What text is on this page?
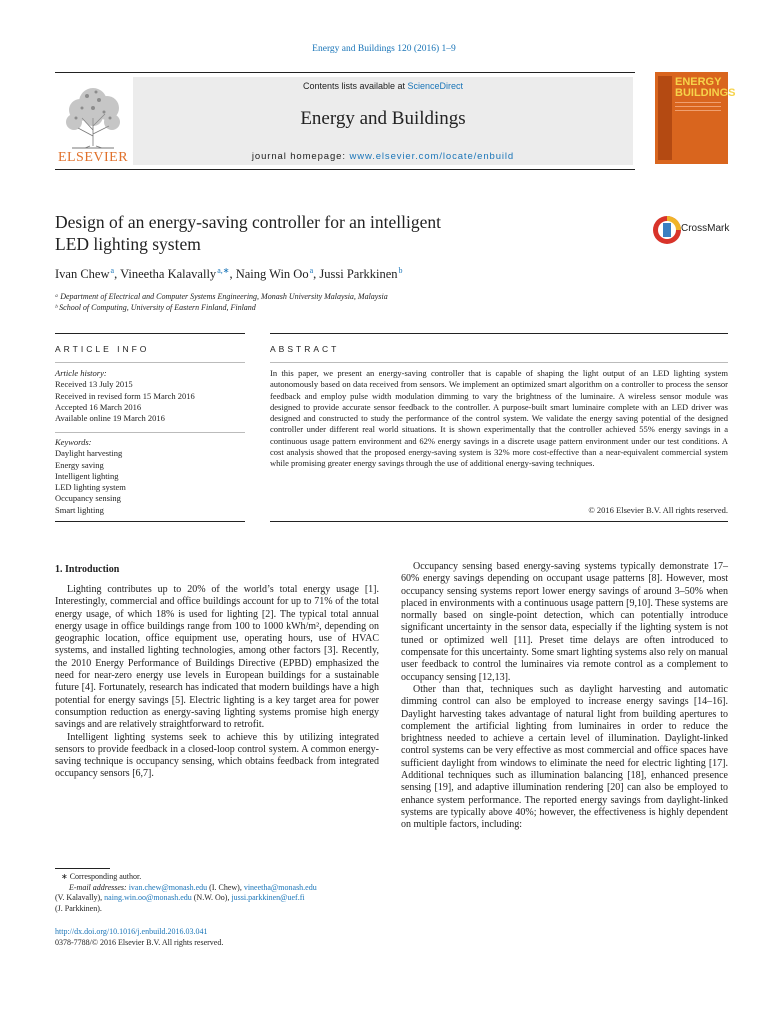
Energy and Buildings 120 (2016) 1–9
Contents lists available at ScienceDirect
Energy and Buildings
journal homepage: www.elsevier.com/locate/enbuild
ELSEVIER
ENERGY
BUILDINGS
Design of an energy-saving controller for an intelligent
LED lighting system
CrossMark
Ivan Chew$^a$, Vineetha Kalavally$^{a,∗}$, Naing Win Oo$^a$, Jussi Parkkinen$^b$
ᵃ Department of Electrical and Computer Systems Engineering, Monash University Malaysia, Malaysia
ᵇ School of Computing, University of Eastern Finland, Finland
ARTICLE INFO	ABSTRACT
Article history:
Received 13 July 2015
Received in revised form 15 March 2016
Accepted 16 March 2016
Available online 19 March 2016
Keywords:
Daylight harvesting
Energy saving
Intelligent lighting
LED lighting system
Occupancy sensing
Smart lighting
In this paper, we present an energy-saving controller that is capable of shaping the light output of an LED lighting system autonomously based on data received from sensors. We implement an optimized smart algorithm on a controller to process the sensor feedback and employ pulse width modulation dimming to vary the brightness of the luminaire. A wireless sensor module was designed to provide accurate sensor feedback to the controller. A purpose-built smart luminaire complete with an LED driver was designed and constructed to study the performance of the control system. We validate the energy saving potential of the designed controller under different real world situations. It is shown experimentally that the controller achieved 55% energy savings in a continuous usage pattern environment and 62% energy savings in a discrete usage pattern environment under our test conditions. A cost analysis showed that the proposed energy-saving system is 32% more cost-effective than a near-equivalent commercial system while promising greater energy savings through the use of additional energy-saving techniques.
© 2016 Elsevier B.V. All rights reserved.
1. Introduction

Lighting contributes up to 20% of the world’s total energy usage [1]. Interestingly, commercial and office buildings account for up to 71% of the total energy usage, of which 18% is used for lighting [2]. The typical total annual energy usage in office buildings range from 100 to 1000 kWh/m², depending on geographic location, office equipment use, operating hours, use of HVAC systems, and installed lighting technologies, among other factors [3]. Recently, the 2010 Energy Performance of Buildings Directive (EPBD) emphasized the need for near-zero energy use levels in European buildings for a sustainable future [4]. Fortunately, research has indicated that modern buildings have a high potential for energy savings [5]. Electric lighting is a key target area for power consumption reduction as energy-saving lighting systems promise high energy savings and are relatively straightforward to retrofit.

Intelligent lighting systems seek to achieve this by utilizing integrated sensors to provide feedback in a closed-loop control system. A common energy-saving technique is occupancy sensing, which obtains feedback from integrated occupancy sensors [6,7].

Occupancy sensing based energy-saving systems typically demonstrate 17–60% energy savings depending on occupant usage patterns [8]. However, most occupancy sensing systems report lower energy savings of around 3–50% when placed in environments with a continuous usage pattern [9,10]. These systems are normally based on single-point detection, which can potentially introduce significant uncertainty in the sensor data, especially if the lighting system is not tuned or optimized well [11]. Preset time delays are often introduced to compensate for this uncertainty. Some smart lighting systems also rely on manual user feedback to control the luminaires via remote control as a complement to occupancy sensing [12,13].

Other than that, techniques such as daylight harvesting and automatic dimming control can also be employed to increase energy savings [14–16]. Daylight harvesting takes advantage of natural light from building apertures to complement the artificial lighting from luminaires in order to reduce the brightness needed to achieve a certain level of illumination. Daylight-linked control systems can be very effective as most commercial and office spaces have sufficient daylight from windows to eliminate the need for electric lighting [17]. Additional techniques such as illumination balancing [18], enhanced presence sensing [19], and adaptive illumination rendering [20] can also be employed to enhance system performance. The reported energy savings from daylight-linked systems are typically above 40%; however, the effectiveness is highly dependent on multiple factors, including:

∗ Corresponding author.
E-mail addresses: ivan.chew@monash.edu (I. Chew), vineetha@monash.edu
(V. Kalavally), naing.win.oo@monash.edu (N.W. Oo), jussi.parkkinen@uef.fi
(J. Parkkinen).
http://dx.doi.org/10.1016/j.enbuild.2016.03.041
0378-7788/© 2016 Elsevier B.V. All rights reserved.
